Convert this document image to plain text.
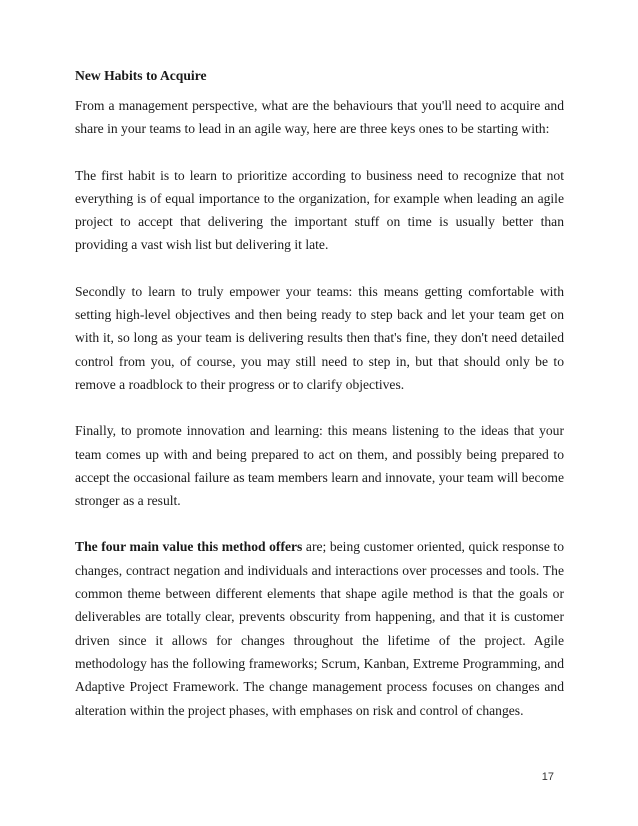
New Habits to Acquire

From a management perspective, what are the behaviours that you'll need to acquire and share in your teams to lead in an agile way, here are three keys ones to be starting with:

The first habit is to learn to prioritize according to business need to recognize that not everything is of equal importance to the organization, for example when leading an agile project to accept that delivering the important stuff on time is usually better than providing a vast wish list but delivering it late.

Secondly to learn to truly empower your teams: this means getting comfortable with setting high-level objectives and then being ready to step back and let your team get on with it, so long as your team is delivering results then that's fine, they don't need detailed control from you, of course, you may still need to step in, but that should only be to remove a roadblock to their progress or to clarify objectives.

Finally, to promote innovation and learning: this means listening to the ideas that your team comes up with and being prepared to act on them, and possibly being prepared to accept the occasional failure as team members learn and innovate, your team will become stronger as a result.

The four main value this method offers are; being customer oriented, quick response to changes, contract negation and individuals and interactions over processes and tools. The common theme between different elements that shape agile method is that the goals or deliverables are totally clear, prevents obscurity from happening, and that it is customer driven since it allows for changes throughout the lifetime of the project. Agile methodology has the following frameworks; Scrum, Kanban, Extreme Programming, and Adaptive Project Framework. The change management process focuses on changes and alteration within the project phases, with emphases on risk and control of changes.

17
